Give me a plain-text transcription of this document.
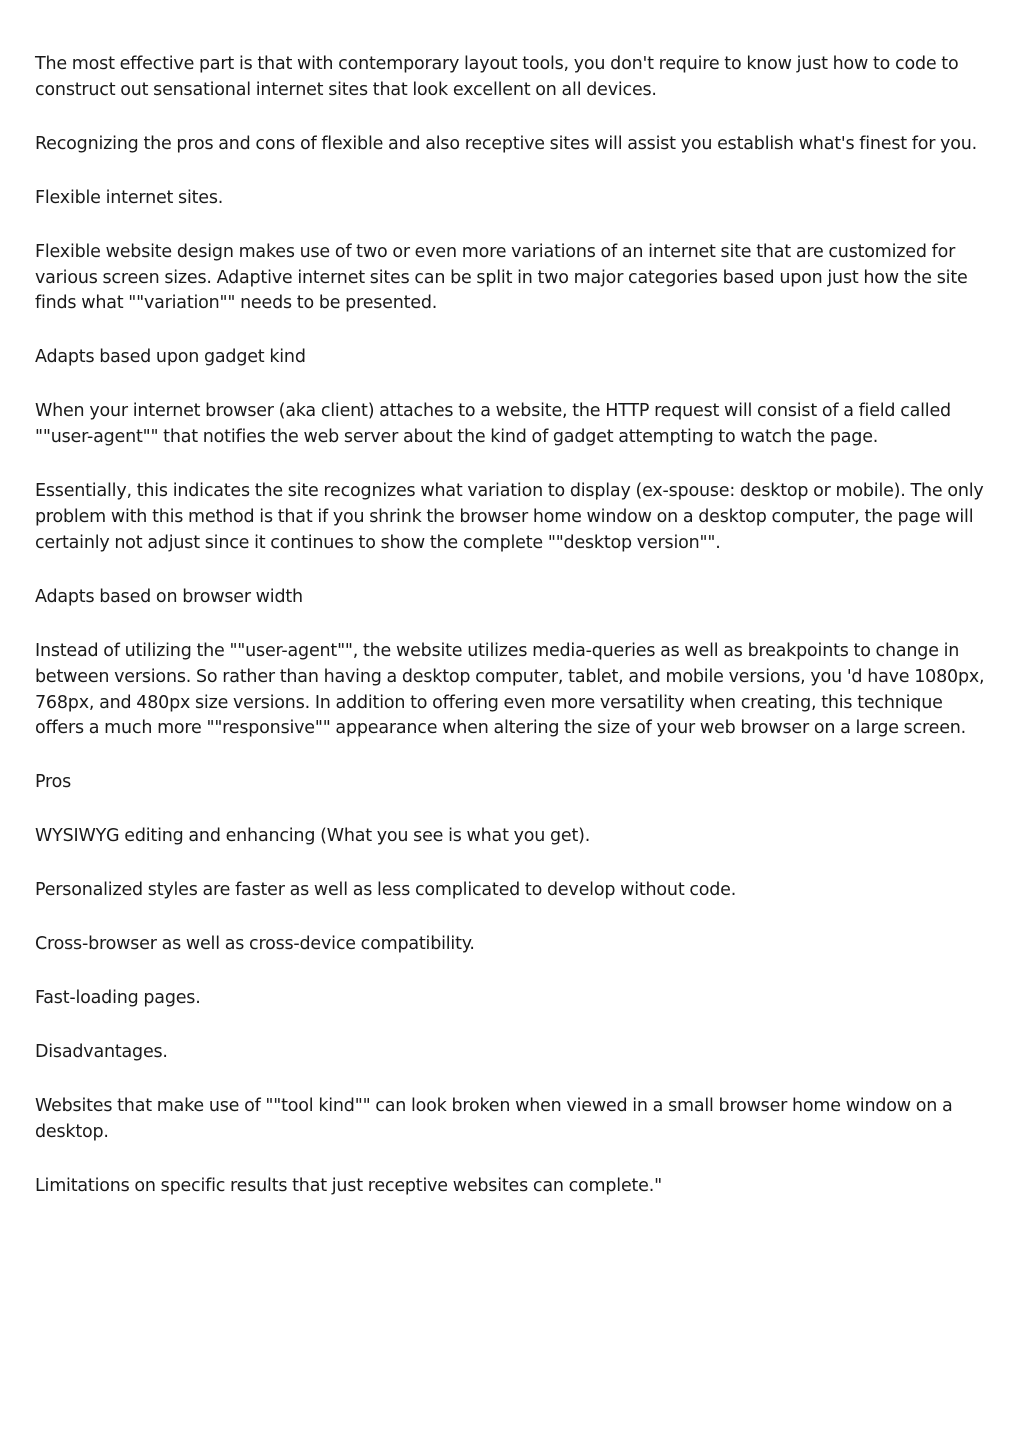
The most effective part is that with contemporary layout tools, you don't require to know just how to code to construct out sensational internet sites that look excellent on all devices.

Recognizing the pros and cons of flexible and also receptive sites will assist you establish what's finest for you.

Flexible internet sites.

Flexible website design makes use of two or even more variations of an internet site that are customized for various screen sizes. Adaptive internet sites can be split in two major categories based upon just how the site finds what ""variation"" needs to be presented.

Adapts based upon gadget kind

When your internet browser (aka client) attaches to a website, the HTTP request will consist of a field called ""user-agent"" that notifies the web server about the kind of gadget attempting to watch the page.

Essentially, this indicates the site recognizes what variation to display (ex-spouse: desktop or mobile). The only problem with this method is that if you shrink the browser home window on a desktop computer, the page will certainly not adjust since it continues to show the complete ""desktop version"".

Adapts based on browser width

Instead of utilizing the ""user-agent"", the website utilizes media-queries as well as breakpoints to change in between versions. So rather than having a desktop computer, tablet, and mobile versions, you 'd have 1080px, 768px, and 480px size versions. In addition to offering even more versatility when creating, this technique offers a much more ""responsive"" appearance when altering the size of your web browser on a large screen.

Pros

WYSIWYG editing and enhancing (What you see is what you get).

Personalized styles are faster as well as less complicated to develop without code.

Cross-browser as well as cross-device compatibility.

Fast-loading pages.

Disadvantages.

Websites that make use of ""tool kind"" can look broken when viewed in a small browser home window on a desktop.

Limitations on specific results that just receptive websites can complete."
